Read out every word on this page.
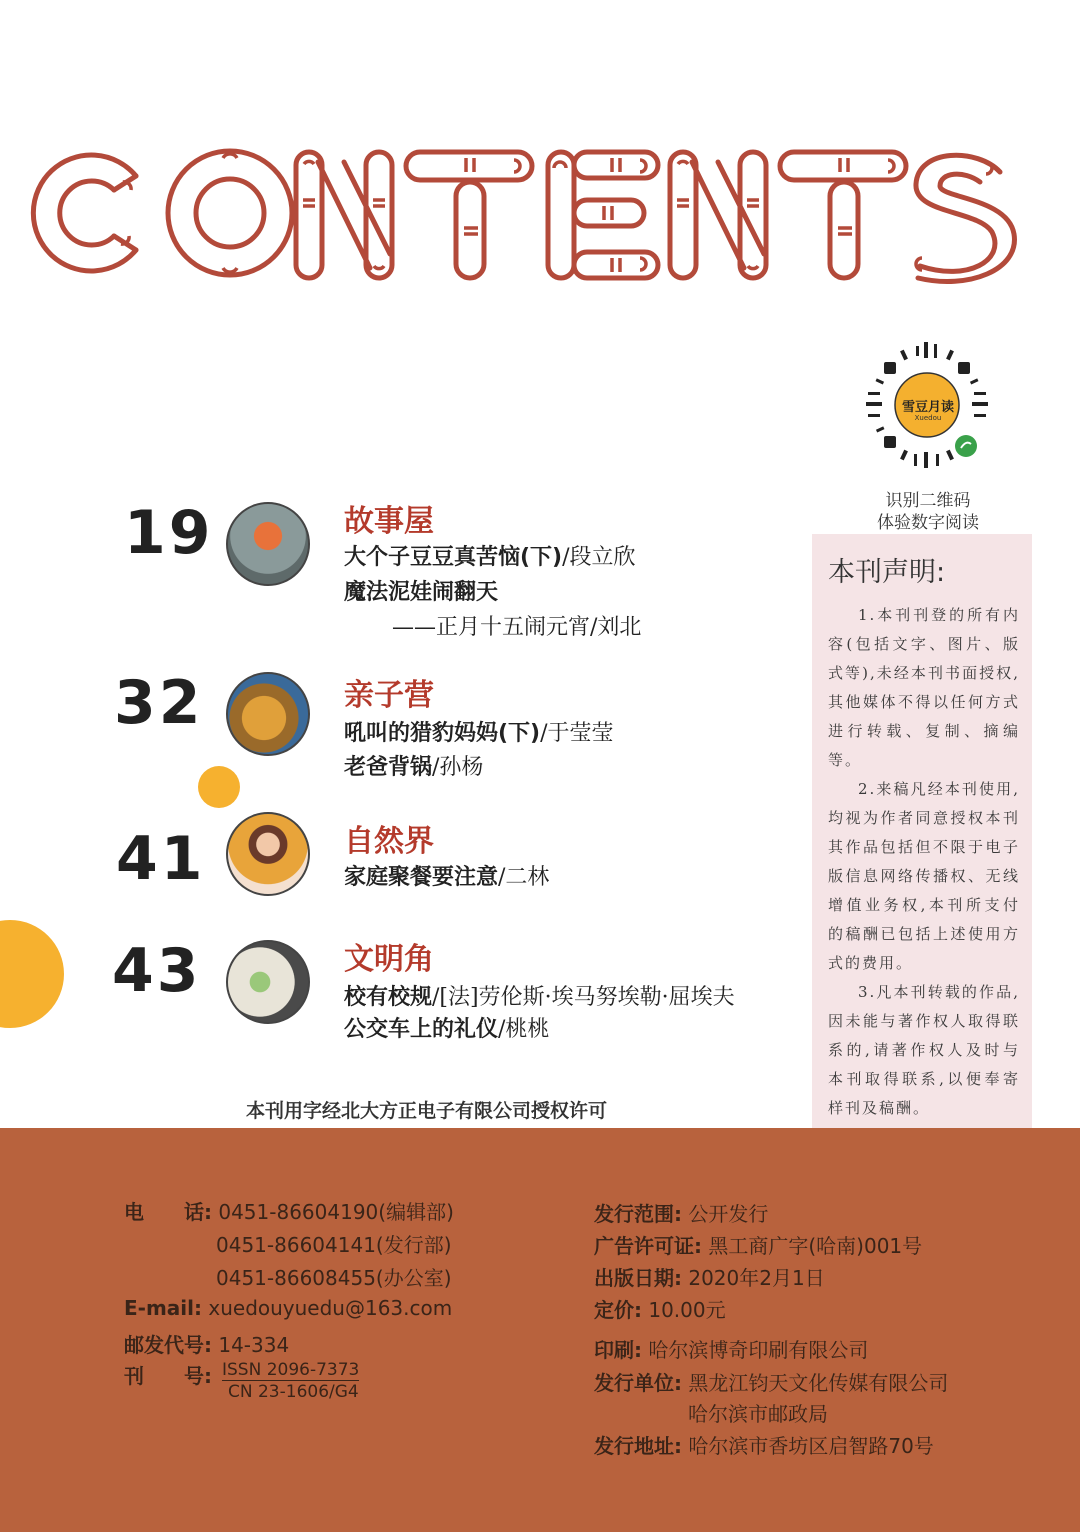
雪豆月读
Xuedou
识别二维码
体验数字阅读
本刊声明:

1.本刊刊登的所有内容(包括文字、图片、版式等),未经本刊书面授权,其他媒体不得以任何方式进行转载、复制、摘编等。

2.来稿凡经本刊使用,均视为作者同意授权本刊其作品包括但不限于电子版信息网络传播权、无线增值业务权,本刊所支付的稿酬已包括上述使用方式的费用。

3.凡本刊转载的作品,因未能与著作权人取得联系的,请著作权人及时与本刊取得联系,以便奉寄样刊及稿酬。

19	故事屋
大个子豆豆真苦恼(下)/段立欣
魔法泥娃闹翻天
——正月十五闹元宵/刘北
32	亲子营
吼叫的猎豹妈妈(下)/于莹莹
老爸背锅/孙杨
41	自然界
家庭聚餐要注意/二林
43	文明角
校有校规/[法]劳伦斯·埃马努埃勒·屈埃夫
公交车上的礼仪/桃桃
本刊用字经北大方正电子有限公司授权许可
电　　话: 0451-86604190(编辑部)
0451-86604141(发行部)
0451-86608455(办公室)
E-mail: xuedouyuedu@163.com
邮发代号: 14-334
刊　　号: ISSN 2096-7373
CN 23-1606/G4
发行范围: 公开发行
广告许可证: 黑工商广字(哈南)001号
出版日期: 2020年2月1日
定价: 10.00元
印刷: 哈尔滨博奇印刷有限公司
发行单位: 黑龙江钧天文化传媒有限公司
哈尔滨市邮政局
发行地址: 哈尔滨市香坊区启智路70号
